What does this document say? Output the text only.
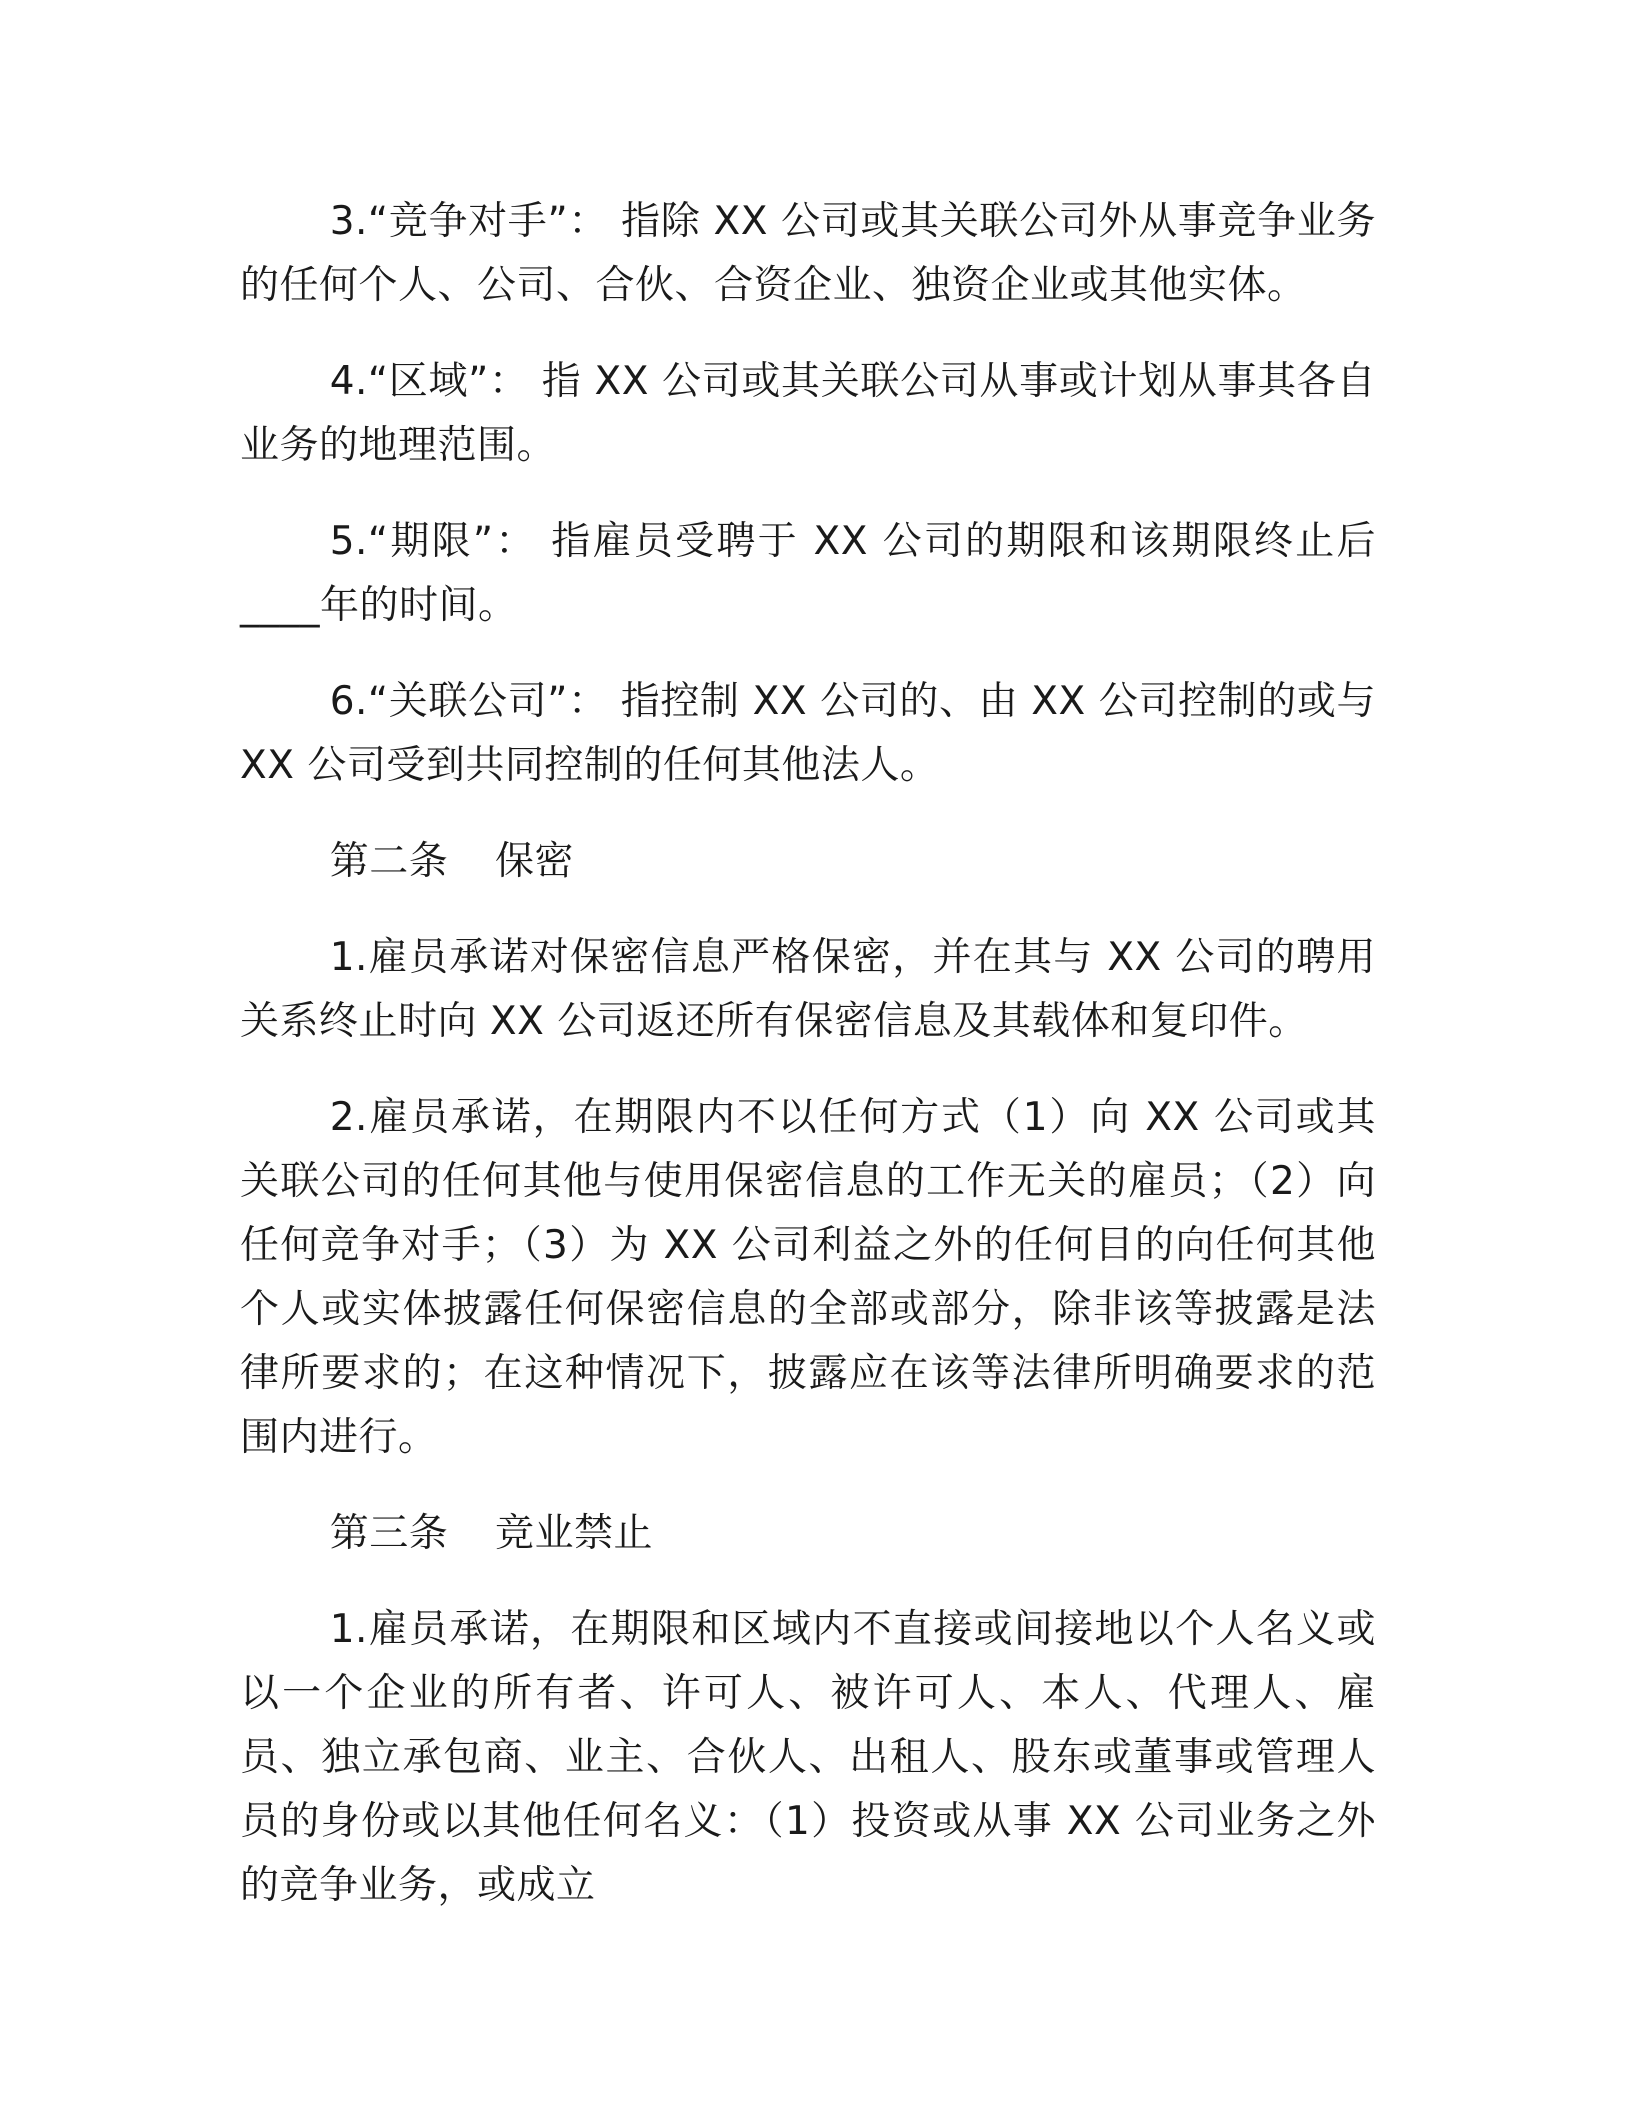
3.“竞争对手”： 指除 XX 公司或其关联公司外从事竞争业务的任何个人、公司、合伙、合资企业、独资企业或其他实体。

4.“区域”： 指 XX 公司或其关联公司从事或计划从事其各自业务的地理范围。

5.“期限”： 指雇员受聘于 XX 公司的期限和该期限终止后____年的时间。

6.“关联公司”： 指控制 XX 公司的、由 XX 公司控制的或与 XX 公司受到共同控制的任何其他法人。

第二条 保密

1.雇员承诺对保密信息严格保密，并在其与 XX 公司的聘用关系终止时向 XX 公司返还所有保密信息及其载体和复印件。

2.雇员承诺，在期限内不以任何方式（1）向 XX 公司或其关联公司的任何其他与使用保密信息的工作无关的雇员；（2）向任何竞争对手；（3）为 XX 公司利益之外的任何目的向任何其他个人或实体披露任何保密信息的全部或部分，除非该等披露是法律所要求的；在这种情况下，披露应在该等法律所明确要求的范围内进行。

第三条 竞业禁止

1.雇员承诺，在期限和区域内不直接或间接地以个人名义或以一个企业的所有者、许可人、被许可人、本人、代理人、雇员、独立承包商、业主、合伙人、出租人、股东或董事或管理人员的身份或以其他任何名义：（1）投资或从事 XX 公司业务之外的竞争业务，或成立
